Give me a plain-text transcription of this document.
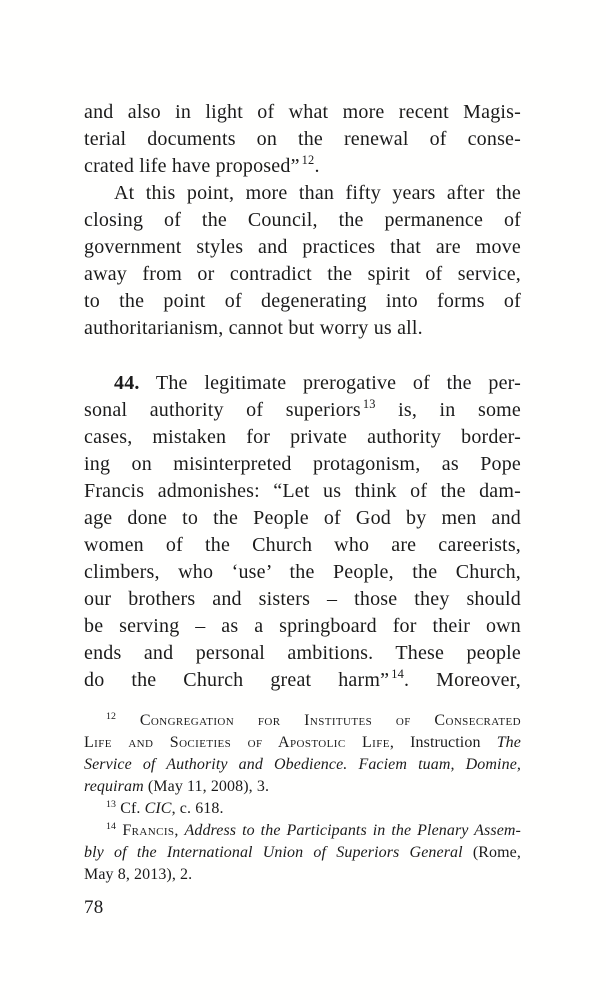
and also in light of what more recent Magis-
terial documents on the renewal of conse-
crated life have proposed” $^{12}$.
At this point, more than fifty years after the
closing of the Council, the permanence of
government styles and practices that are move
away from or contradict the spirit of service,
to the point of degenerating into forms of
authoritarianism, cannot but worry us all.
44. The legitimate prerogative of the per-
sonal authority of superiors $^{13}$ is, in some
cases, mistaken for private authority border-
ing on misinterpreted protagonism, as Pope
Francis admonishes: “Let us think of the dam-
age done to the People of God by men and
women of the Church who are careerists,
climbers, who ‘use’ the People, the Church,
our brothers and sisters – those they should
be serving – as a springboard for their own
ends and personal ambitions. These people
do the Church great harm” $^{14}$. Moreover,
$^{12}$ Congregation for Institutes of Consecrated
Life and Societies of Apostolic Life, Instruction The
Service of Authority and Obedience. Faciem tuam, Domine,
requiram (May 11, 2008), 3.
$^{13}$ Cf. CIC, c. 618.
$^{14}$ Francis, Address to the Participants in the Plenary Assem-
bly of the International Union of Superiors General (Rome,
May 8, 2013), 2.
78
